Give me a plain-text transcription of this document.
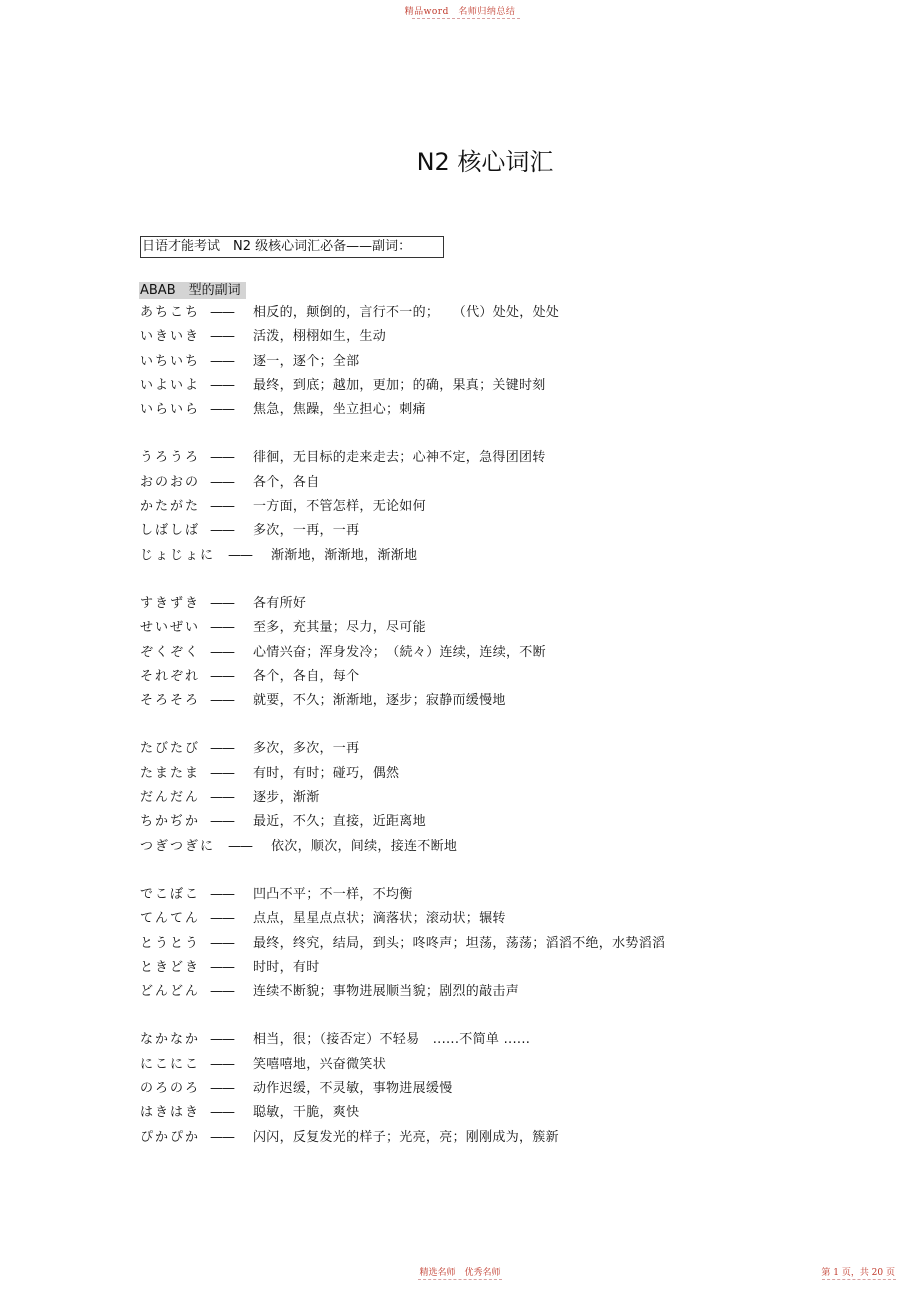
精品word　名师归纳总结
N2 核心词汇
日语才能考试　N2 级核心词汇必备——副词：
ABAB　型的副词
あちこち —— 相反的，颠倒的，言行不一的；　　（代）处处，处处
いきいき —— 活泼，栩栩如生，生动
いちいち —— 逐一，逐个；全部
いよいよ —— 最终，到底；越加，更加；的确，果真；关键时刻
いらいら —— 焦急，焦躁，坐立担心；刺痛
うろうろ —— 徘徊，无目标的走来走去；心神不定，急得团团转
おのおの —— 各个，各自
かたがた —— 一方面，不管怎样，无论如何
しばしば —— 多次，一再，一再
じょじょに —— 渐渐地，渐渐地，渐渐地
すきずき —— 各有所好
せいぜい —— 至多，充其量；尽力，尽可能
ぞくぞく —— 心情兴奋；浑身发冷；　（続々）连续，连续，不断
それぞれ —— 各个，各自，每个
そろそろ —— 就要，不久；渐渐地，逐步；寂静而缓慢地
たびたび —— 多次，多次，一再
たまたま —— 有时，有时；碰巧，偶然
だんだん —— 逐步，渐渐
ちかぢか —— 最近，不久；直接，近距离地
つぎつぎに —— 依次，顺次，间续，接连不断地
でこぼこ —— 凹凸不平；不一样，不均衡
てんてん —— 点点，星星点点状；滴落状；滚动状；辗转
とうとう —— 最终，终究，结局，到头；咚咚声；坦荡，荡荡；滔滔不绝，水势滔滔
ときどき —— 时时，有时
どんどん —— 连续不断貌；事物进展顺当貌；剧烈的敲击声
なかなか —— 相当，很；（接否定）不轻易　......不简单 ......
にこにこ —— 笑嘻嘻地，兴奋微笑状
のろのろ —— 动作迟缓，不灵敏，事物进展缓慢
はきはき —— 聪敏，干脆，爽快
ぴかぴか —— 闪闪，反复发光的样子；光亮，亮；刚刚成为，簇新
精选名师　优秀名师	第 1 页，共 20 页
